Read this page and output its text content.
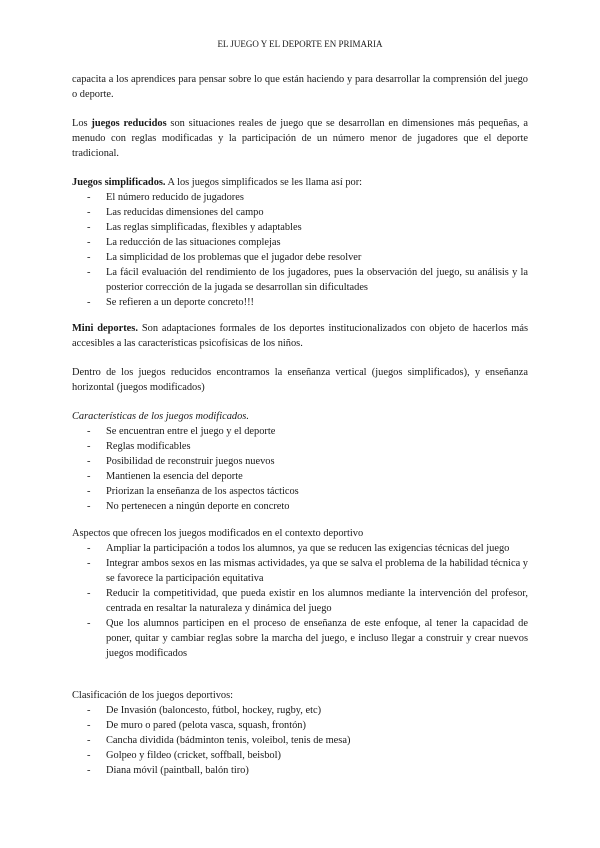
EL JUEGO Y EL DEPORTE EN PRIMARIA

capacita a los aprendices para pensar sobre lo que están haciendo y para desarrollar la comprensión del juego o deporte.

Los juegos reducidos son situaciones reales de juego que se desarrollan en dimensiones más pequeñas, a menudo con reglas modificadas y la participación de un número menor de jugadores que el deporte tradicional.

Juegos simplificados. A los juegos simplificados se les llama así por:

- El número reducido de jugadores
- Las reducidas dimensiones del campo
- Las reglas simplificadas, flexibles y adaptables
- La reducción de las situaciones complejas
- La simplicidad de los problemas que el jugador debe resolver
- La fácil evaluación del rendimiento de los jugadores, pues la observación del juego, su análisis y la posterior corrección de la jugada se desarrollan sin dificultades
- Se refieren a un deporte concreto!!!

Mini deportes. Son adaptaciones formales de los deportes institucionalizados con objeto de hacerlos más accesibles a las características psicofísicas de los niños.

Dentro de los juegos reducidos encontramos la enseñanza vertical (juegos simplificados), y enseñanza horizontal (juegos modificados)

Características de los juegos modificados.

- Se encuentran entre el juego y el deporte
- Reglas modificables
- Posibilidad de reconstruir juegos nuevos
- Mantienen la esencia del deporte
- Priorizan la enseñanza de los aspectos tácticos
- No pertenecen a ningún deporte en concreto

Aspectos que ofrecen los juegos modificados en el contexto deportivo

- Ampliar la participación a todos los alumnos, ya que se reducen las exigencias técnicas del juego
- Integrar ambos sexos en las mismas actividades, ya que se salva el problema de la habilidad técnica y se favorece la participación equitativa
- Reducir la competitividad, que pueda existir en los alumnos mediante la intervención del profesor, centrada en resaltar la naturaleza y dinámica del juego
- Que los alumnos participen en el proceso de enseñanza de este enfoque, al tener la capacidad de poner, quitar y cambiar reglas sobre la marcha del juego, e incluso llegar a construir y crear nuevos juegos modificados

Clasificación de los juegos deportivos:

- De Invasión (baloncesto, fútbol, hockey, rugby, etc)
- De muro o pared (pelota vasca, squash, frontón)
- Cancha dividida (bádminton tenis, voleibol, tenis de mesa)
- Golpeo y fildeo (cricket, soffball, beisbol)
- Diana móvil (paintball, balón tiro)
